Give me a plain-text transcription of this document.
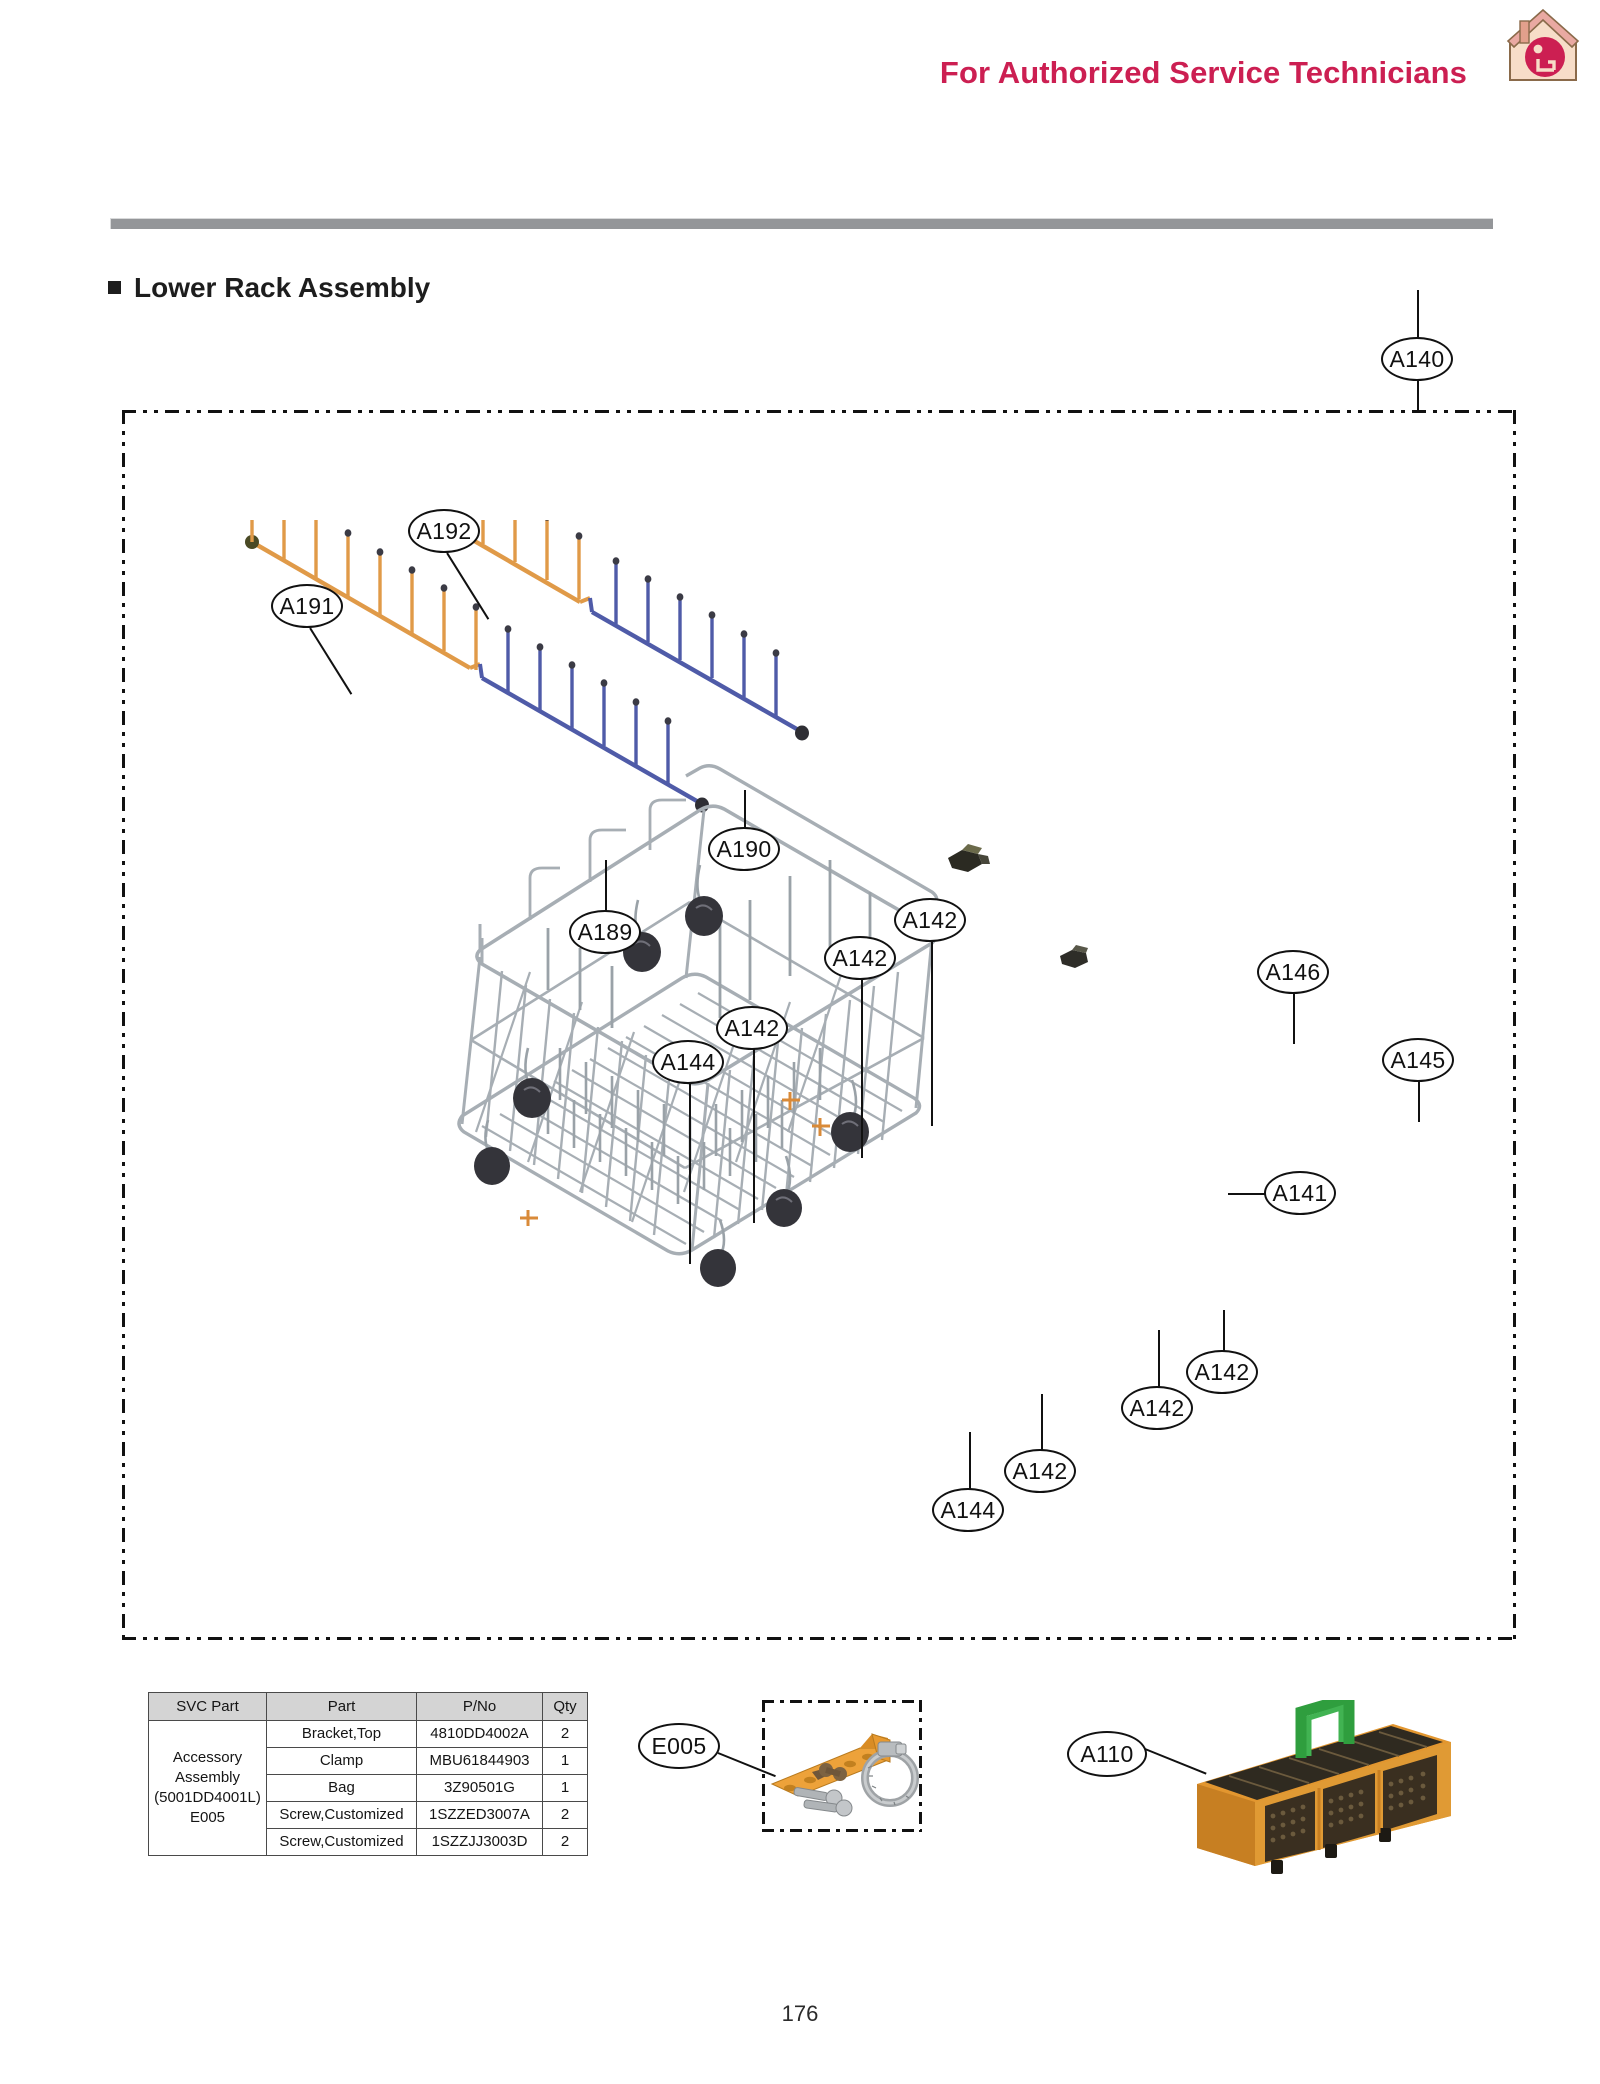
For Authorized Service Technicians
Lower Rack Assembly
A140
A192
A191
A190
A189	A142
A142
A142
A144
A146
A145
A141
A142
A142
A142
A144
SVC Part	Part	P/No	Qty

Accessory
Assembly
(5001DD4001L)
E005	Bracket,Top	4810DD4002A	2
	Clamp	MBU61844903	1
	Bag	3Z90501G	1
	Screw,Customized	1SZZED3007A	2
	Screw,Customized	1SZZJJ3003D	2
E005	A110
176
